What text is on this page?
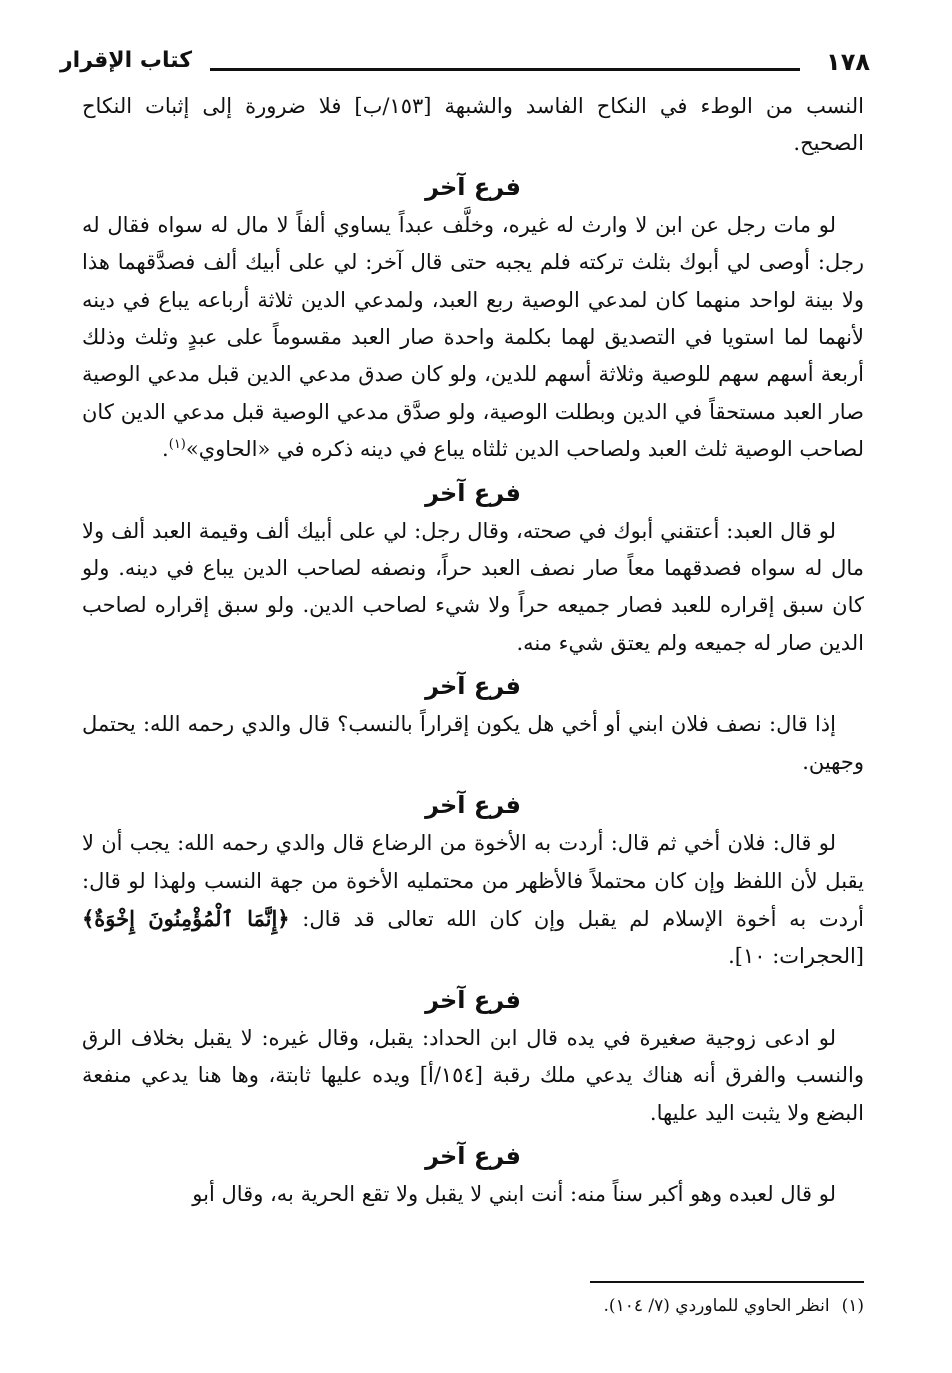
١٧٨
كتاب الإقرار

النسب من الوطء في النكاح الفاسد والشبهة [١٥٣/ب] فلا ضرورة إلى إثبات النكاح الصحيح.

فرع آخر

لو مات رجل عن ابن لا وارث له غيره، وخلَّف عبداً يساوي ألفاً لا مال له سواه فقال له رجل: أوصى لي أبوك بثلث تركته فلم يجبه حتى قال آخر: لي على أبيك ألف فصدَّقهما هذا ولا بينة لواحد منهما كان لمدعي الوصية ربع العبد، ولمدعي الدين ثلاثة أرباعه يباع في دينه لأنهما لما استويا في التصديق لهما بكلمة واحدة صار العبد مقسوماً على عبدٍ وثلث وذلك أربعة أسهم سهم للوصية وثلاثة أسهم للدين، ولو كان صدق مدعي الدين قبل مدعي الوصية صار العبد مستحقاً في الدين وبطلت الوصية، ولو صدَّق مدعي الوصية قبل مدعي الدين كان لصاحب الوصية ثلث العبد ولصاحب الدين ثلثاه يباع في دينه ذكره في «الحاوي»$^{(١)}$.

فرع آخر

لو قال العبد: أعتقني أبوك في صحته، وقال رجل: لي على أبيك ألف وقيمة العبد ألف ولا مال له سواه فصدقهما معاً صار نصف العبد حراً، ونصفه لصاحب الدين يباع في دينه. ولو كان سبق إقراره للعبد فصار جميعه حراً ولا شيء لصاحب الدين. ولو سبق إقراره لصاحب الدين صار له جميعه ولم يعتق شيء منه.

فرع آخر

إذا قال: نصف فلان ابني أو أخي هل يكون إقراراً بالنسب؟ قال والدي رحمه الله: يحتمل وجهين.

فرع آخر

لو قال: فلان أخي ثم قال: أردت به الأخوة من الرضاع قال والدي رحمه الله: يجب أن لا يقبل لأن اللفظ وإن كان محتملاً فالأظهر من محتمليه الأخوة من جهة النسب ولهذا لو قال: أردت به أخوة الإسلام لم يقبل وإن كان الله تعالى قد قال: ﴿إِنَّمَا ٱلْمُؤْمِنُونَ إِخْوَةٌ﴾ [الحجرات: ١٠].

فرع آخر

لو ادعى زوجية صغيرة في يده قال ابن الحداد: يقبل، وقال غيره: لا يقبل بخلاف الرق والنسب والفرق أنه هناك يدعي ملك رقبة [١٥٤/أ] ويده عليها ثابتة، وها هنا يدعي منفعة البضع ولا يثبت اليد عليها.

فرع آخر

لو قال لعبده وهو أكبر سناً منه: أنت ابني لا يقبل ولا تقع الحرية به، وقال أبو

(١)انظر الحاوي للماوردي (٧/ ١٠٤).
